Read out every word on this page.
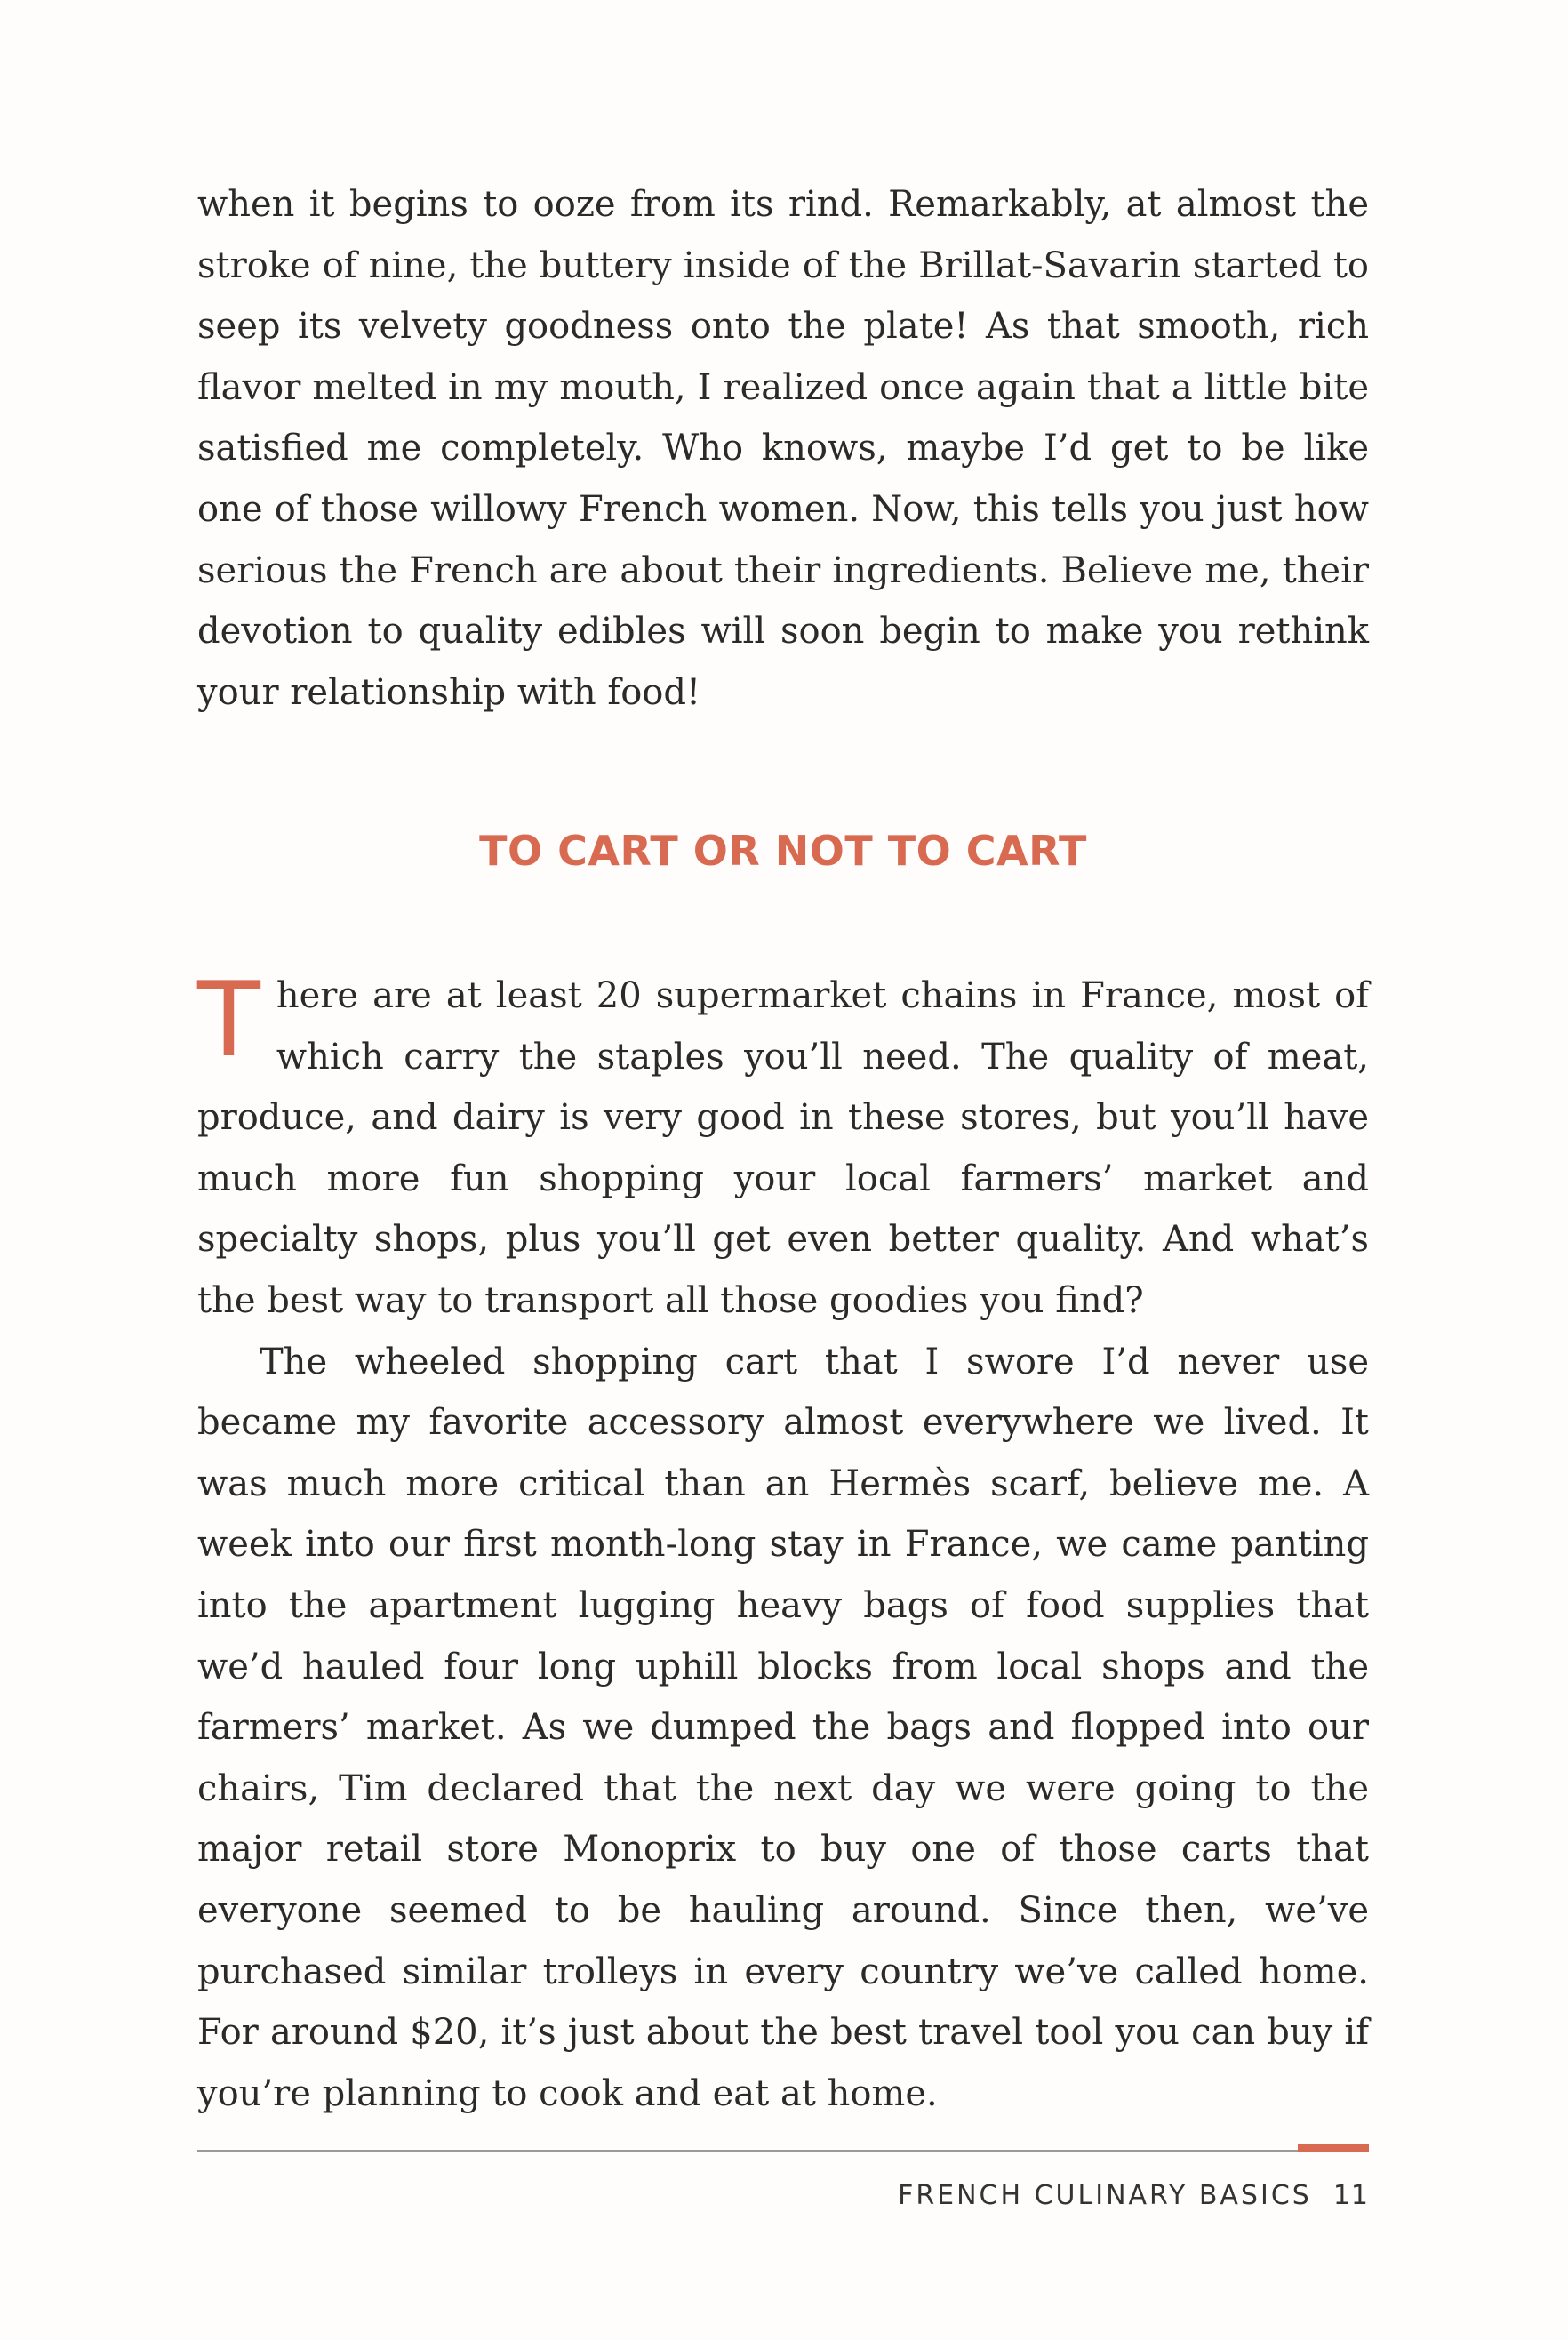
when it begins to ooze from its rind. Remarkably, at almost the stroke of nine, the buttery inside of the Brillat-Savarin started to seep its velvety goodness onto the plate! As that smooth, rich flavor melted in my mouth, I realized once again that a little bite satisfied me completely. Who knows, maybe I’d get to be like one of those willowy French women. Now, this tells you just how serious the French are about their ingredients. Believe me, their devotion to quality edibles will soon begin to make you rethink your relationship with food!

TO CART OR NOT TO CART

There are at least 20 supermarket chains in France, most of which carry the staples you’ll need. The quality of meat, produce, and dairy is very good in these stores, but you’ll have much more fun shopping your local farmers’ market and specialty shops, plus you’ll get even better quality. And what’s the best way to transport all those goodies you find?

The wheeled shopping cart that I swore I’d never use became my favorite accessory almost everywhere we lived. It was much more critical than an Hermès scarf, believe me. A week into our first month-long stay in France, we came panting into the apartment lugging heavy bags of food supplies that we’d hauled four long uphill blocks from local shops and the farmers’ market. As we dumped the bags and flopped into our chairs, Tim declared that the next day we were going to the major retail store Monoprix to buy one of those carts that everyone seemed to be hauling around. Since then, we’ve purchased similar trolleys in every country we’ve called home. For around $20, it’s just about the best travel tool you can buy if you’re planning to cook and eat at home.

FRENCH CULINARY BASICS 11
